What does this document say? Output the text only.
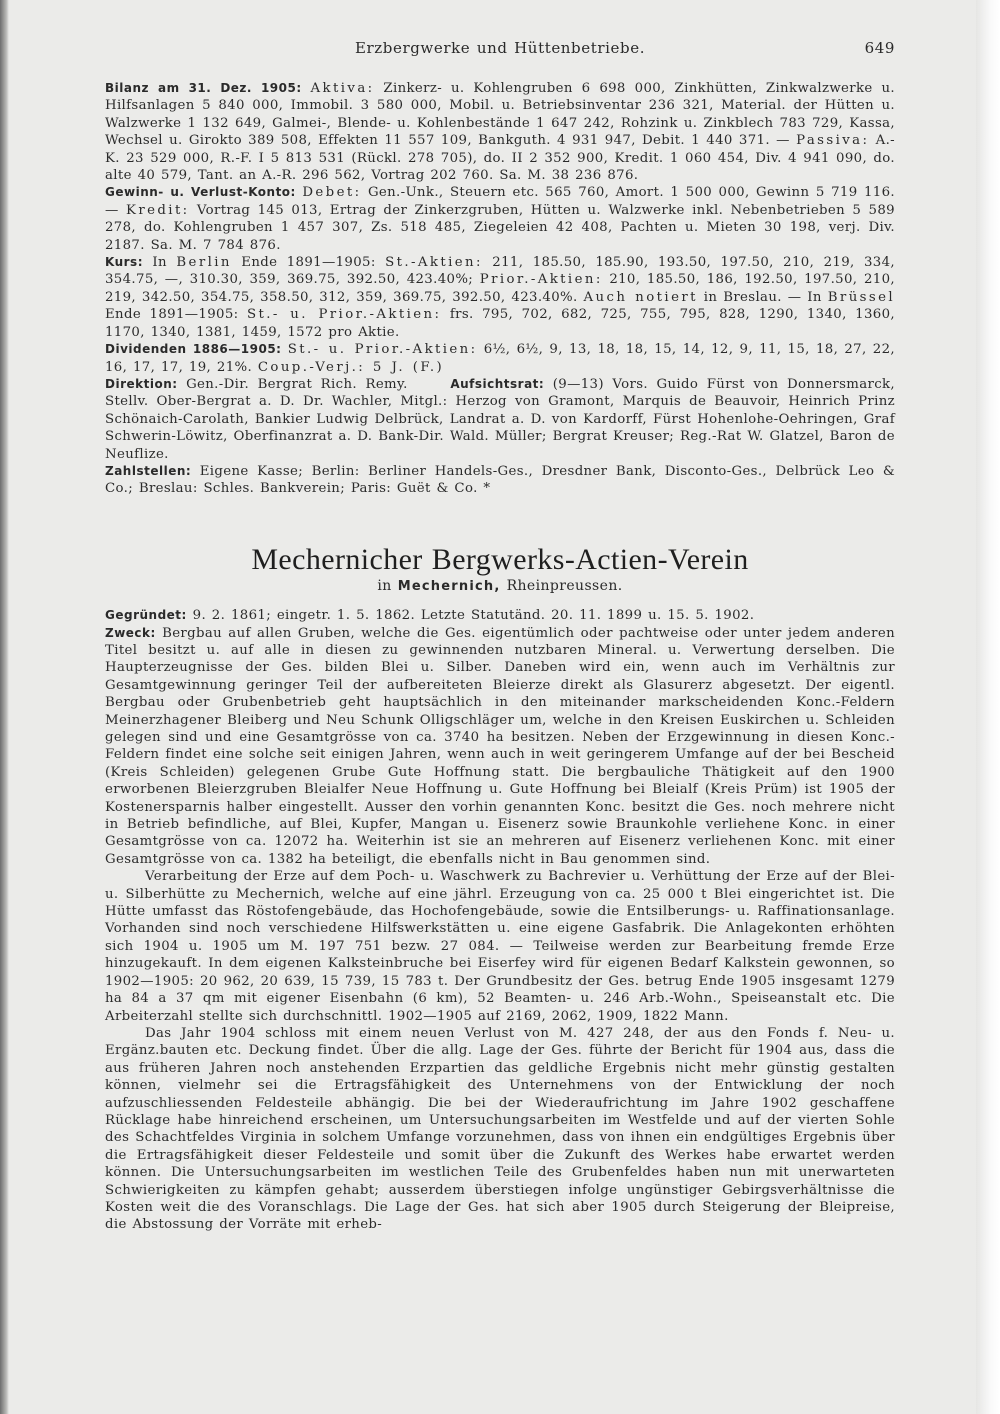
Erzbergwerke und Hüttenbetriebe.	649

Bilanz am 31. Dez. 1905: Aktiva: Zinkerz- u. Kohlengruben 6 698 000, Zinkhütten, Zinkwalzwerke u. Hilfsanlagen 5 840 000, Immobil. 3 580 000, Mobil. u. Betriebsinventar 236 321, Material. der Hütten u. Walzwerke 1 132 649, Galmei-, Blende- u. Kohlenbestände 1 647 242, Rohzink u. Zinkblech 783 729, Kassa, Wechsel u. Girokto 389 508, Effekten 11 557 109, Bankguth. 4 931 947, Debit. 1 440 371. — Passiva: A.-K. 23 529 000, R.-F. I 5 813 531 (Rückl. 278 705), do. II 2 352 900, Kredit. 1 060 454, Div. 4 941 090, do. alte 40 579, Tant. an A.-R. 296 562, Vortrag 202 760. Sa. M. 38 236 876.

Gewinn- u. Verlust-Konto: Debet: Gen.-Unk., Steuern etc. 565 760, Amort. 1 500 000, Gewinn 5 719 116. — Kredit: Vortrag 145 013, Ertrag der Zinkerzgruben, Hütten u. Walzwerke inkl. Nebenbetrieben 5 589 278, do. Kohlengruben 1 457 307, Zs. 518 485, Ziegeleien 42 408, Pachten u. Mieten 30 198, verj. Div. 2187. Sa. M. 7 784 876.

Kurs: In Berlin Ende 1891—1905: St.-Aktien: 211, 185.50, 185.90, 193.50, 197.50, 210, 219, 334, 354.75, —, 310.30, 359, 369.75, 392.50, 423.40%; Prior.-Aktien: 210, 185.50, 186, 192.50, 197.50, 210, 219, 342.50, 354.75, 358.50, 312, 359, 369.75, 392.50, 423.40%. Auch notiert in Breslau. — In Brüssel Ende 1891—1905: St.- u. Prior.-Aktien: frs. 795, 702, 682, 725, 755, 795, 828, 1290, 1340, 1360, 1170, 1340, 1381, 1459, 1572 pro Aktie.

Dividenden 1886—1905: St.- u. Prior.-Aktien: 6½, 6½, 9, 13, 18, 18, 15, 14, 12, 9, 11, 15, 18, 27, 22, 16, 17, 17, 19, 21%. Coup.-Verj.: 5 J. (F.)

Direktion: Gen.-Dir. Bergrat Rich. Remy.	Aufsichtsrat: (9—13) Vors. Guido Fürst von Donnersmarck, Stellv. Ober-Bergrat a. D. Dr. Wachler, Mitgl.: Herzog von Gramont, Marquis de Beauvoir, Heinrich Prinz Schönaich-Carolath, Bankier Ludwig Delbrück, Landrat a. D. von Kardorff, Fürst Hohenlohe-Oehringen, Graf Schwerin-Löwitz, Oberfinanzrat a. D. Bank-Dir. Wald. Müller; Bergrat Kreuser; Reg.-Rat W. Glatzel, Baron de Neuflize.

Zahlstellen: Eigene Kasse; Berlin: Berliner Handels-Ges., Dresdner Bank, Disconto-Ges., Delbrück Leo & Co.; Breslau: Schles. Bankverein; Paris: Guët & Co. *

Mechernicher Bergwerks-Actien-Verein
in Mechernich, Rheinpreussen.

Gegründet: 9. 2. 1861; eingetr. 1. 5. 1862. Letzte Statutänd. 20. 11. 1899 u. 15. 5. 1902.

Zweck: Bergbau auf allen Gruben, welche die Ges. eigentümlich oder pachtweise oder unter jedem anderen Titel besitzt u. auf alle in diesen zu gewinnenden nutzbaren Mineral. u. Verwertung derselben. Die Haupterzeugnisse der Ges. bilden Blei u. Silber. Daneben wird ein, wenn auch im Verhältnis zur Gesamtgewinnung geringer Teil der aufbereiteten Bleierze direkt als Glasurerz abgesetzt. Der eigentl. Bergbau oder Grubenbetrieb geht hauptsächlich in den miteinander markscheidenden Konc.-Feldern Meinerzhagener Bleiberg und Neu Schunk Olligschläger um, welche in den Kreisen Euskirchen u. Schleiden gelegen sind und eine Gesamtgrösse von ca. 3740 ha besitzen. Neben der Erzgewinnung in diesen Konc.-Feldern findet eine solche seit einigen Jahren, wenn auch in weit geringerem Umfange auf der bei Bescheid (Kreis Schleiden) gelegenen Grube Gute Hoffnung statt. Die bergbauliche Thätigkeit auf den 1900 erworbenen Bleierzgruben Bleialfer Neue Hoffnung u. Gute Hoffnung bei Bleialf (Kreis Prüm) ist 1905 der Kostenersparnis halber eingestellt. Ausser den vorhin genannten Konc. besitzt die Ges. noch mehrere nicht in Betrieb befindliche, auf Blei, Kupfer, Mangan u. Eisenerz sowie Braunkohle verliehene Konc. in einer Gesamtgrösse von ca. 12072 ha. Weiterhin ist sie an mehreren auf Eisenerz verliehenen Konc. mit einer Gesamtgrösse von ca. 1382 ha beteiligt, die ebenfalls nicht in Bau genommen sind.

Verarbeitung der Erze auf dem Poch- u. Waschwerk zu Bachrevier u. Verhüttung der Erze auf der Blei- u. Silberhütte zu Mechernich, welche auf eine jährl. Erzeugung von ca. 25 000 t Blei eingerichtet ist. Die Hütte umfasst das Röstofengebäude, das Hochofengebäude, sowie die Entsilberungs- u. Raffinationsanlage. Vorhanden sind noch verschiedene Hilfswerkstätten u. eine eigene Gasfabrik. Die Anlagekonten erhöhten sich 1904 u. 1905 um M. 197 751 bezw. 27 084. — Teilweise werden zur Bearbeitung fremde Erze hinzugekauft. In dem eigenen Kalksteinbruche bei Eiserfey wird für eigenen Bedarf Kalkstein gewonnen, so 1902—1905: 20 962, 20 639, 15 739, 15 783 t. Der Grundbesitz der Ges. betrug Ende 1905 insgesamt 1279 ha 84 a 37 qm mit eigener Eisenbahn (6 km), 52 Beamten- u. 246 Arb.-Wohn., Speiseanstalt etc. Die Arbeiterzahl stellte sich durchschnittl. 1902—1905 auf 2169, 2062, 1909, 1822 Mann.

Das Jahr 1904 schloss mit einem neuen Verlust von M. 427 248, der aus den Fonds f. Neu- u. Ergänz.bauten etc. Deckung findet. Über die allg. Lage der Ges. führte der Bericht für 1904 aus, dass die aus früheren Jahren noch anstehenden Erzpartien das geldliche Ergebnis nicht mehr günstig gestalten können, vielmehr sei die Ertragsfähigkeit des Unternehmens von der Entwicklung der noch aufzuschliessenden Feldesteile abhängig. Die bei der Wiederaufrichtung im Jahre 1902 geschaffene Rücklage habe hinreichend erscheinen, um Untersuchungsarbeiten im Westfelde und auf der vierten Sohle des Schachtfeldes Virginia in solchem Umfange vorzunehmen, dass von ihnen ein endgültiges Ergebnis über die Ertragsfähigkeit dieser Feldesteile und somit über die Zukunft des Werkes habe erwartet werden können. Die Untersuchungsarbeiten im westlichen Teile des Grubenfeldes haben nun mit unerwarteten Schwierigkeiten zu kämpfen gehabt; ausserdem überstiegen infolge ungünstiger Gebirgsverhältnisse die Kosten weit die des Voranschlags. Die Lage der Ges. hat sich aber 1905 durch Steigerung der Bleipreise, die Abstossung der Vorräte mit erheb-
